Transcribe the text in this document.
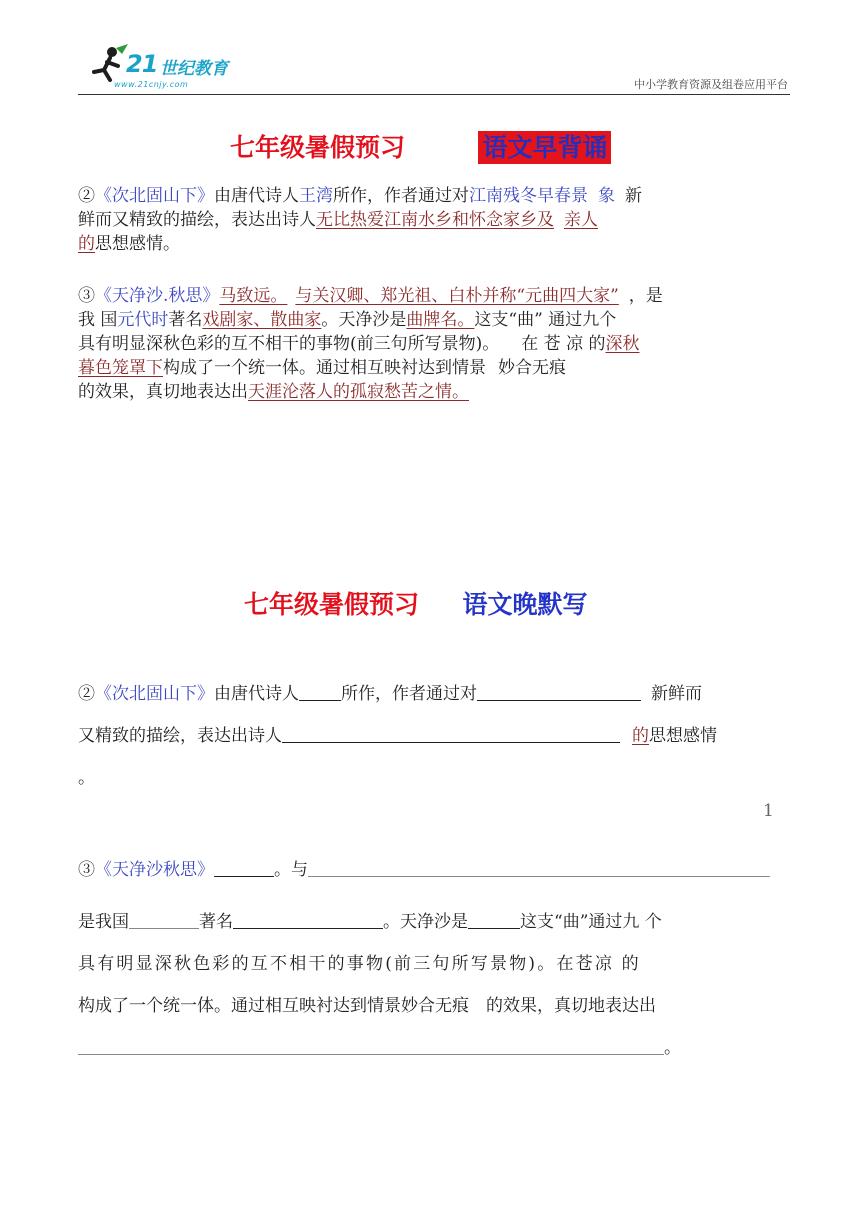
21 世纪教育
www.21cnjy.com	中小学教育资源及组卷应用平台
七年级暑假预习	语文早背诵
②《次北固山下》由唐代诗人王湾所作，作者通过对江南残冬早春景 象 新
鲜而又精致的描绘，表达出诗人无比热爱江南水乡和怀念家乡及 亲人
的思想感情。
③《天净沙.秋思》马致远。 与关汉卿、郑光祖、白朴并称“元曲四大家” ，是
我 国元代时著名戏剧家、散曲家。天净沙是曲牌名。这支“曲” 通过九个
具有明显深秋色彩的互不相干的事物(前三句所写景物)。 在 苍 凉 的深秋
暮色笼罩下构成了一个统一体。通过相互映衬达到情景 妙合无痕
的效果，真切地表达出天涯沦落人的孤寂愁苦之情。
七年级暑假预习 语文晚默写
②《次北固山下》由唐代诗人 所作，作者通过对	新鲜而
又精致的描绘，表达出诗人	的思想感情
。
1
③《天净沙秋思》	。与
是我国	著名	。天净沙是	这支“曲”通过九 个
具有明显深秋色彩的互不相干的事物(前三句所写景物)。在苍凉 的
构成了一个统一体。通过相互映衬达到情景妙合无痕　的效果，真切地表达出
。
